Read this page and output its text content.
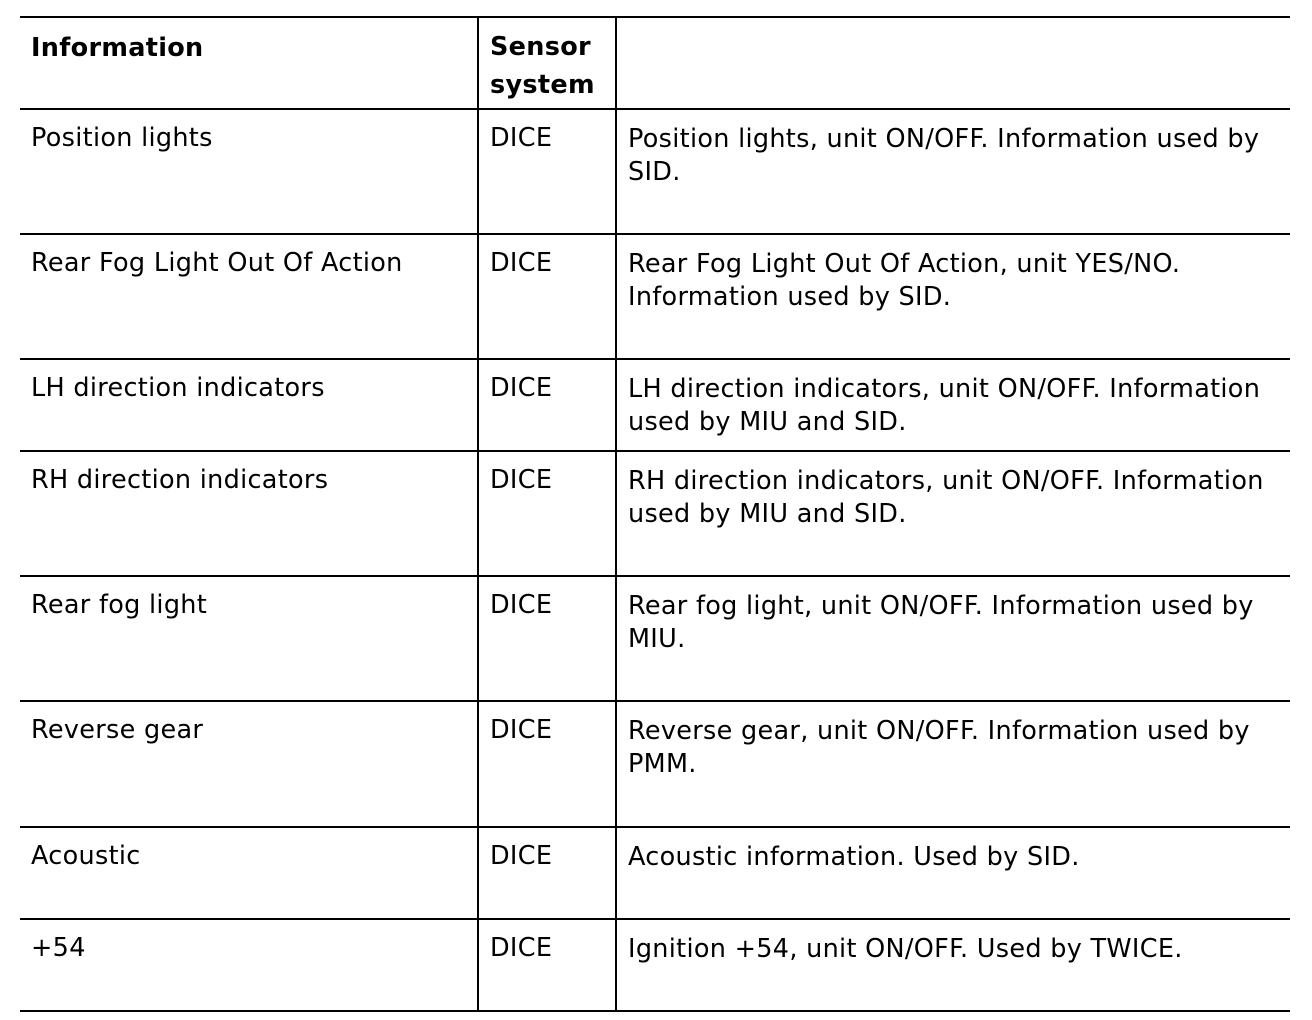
Information	Sensor system	
Position lights	DICE	Position lights, unit ON/OFF. Information used by SID.
Rear Fog Light Out Of Action	DICE	Rear Fog Light Out Of Action, unit YES/NO. Information used by SID.
LH direction indicators	DICE	LH direction indicators, unit ON/OFF. Information used by MIU and SID.
RH direction indicators	DICE	RH direction indicators, unit ON/OFF. Information used by MIU and SID.
Rear fog light	DICE	Rear fog light, unit ON/OFF. Information used by MIU.
Reverse gear	DICE	Reverse gear, unit ON/OFF. Information used by PMM.
Acoustic	DICE	Acoustic information. Used by SID.
+54	DICE	Ignition +54, unit ON/OFF. Used by TWICE.
